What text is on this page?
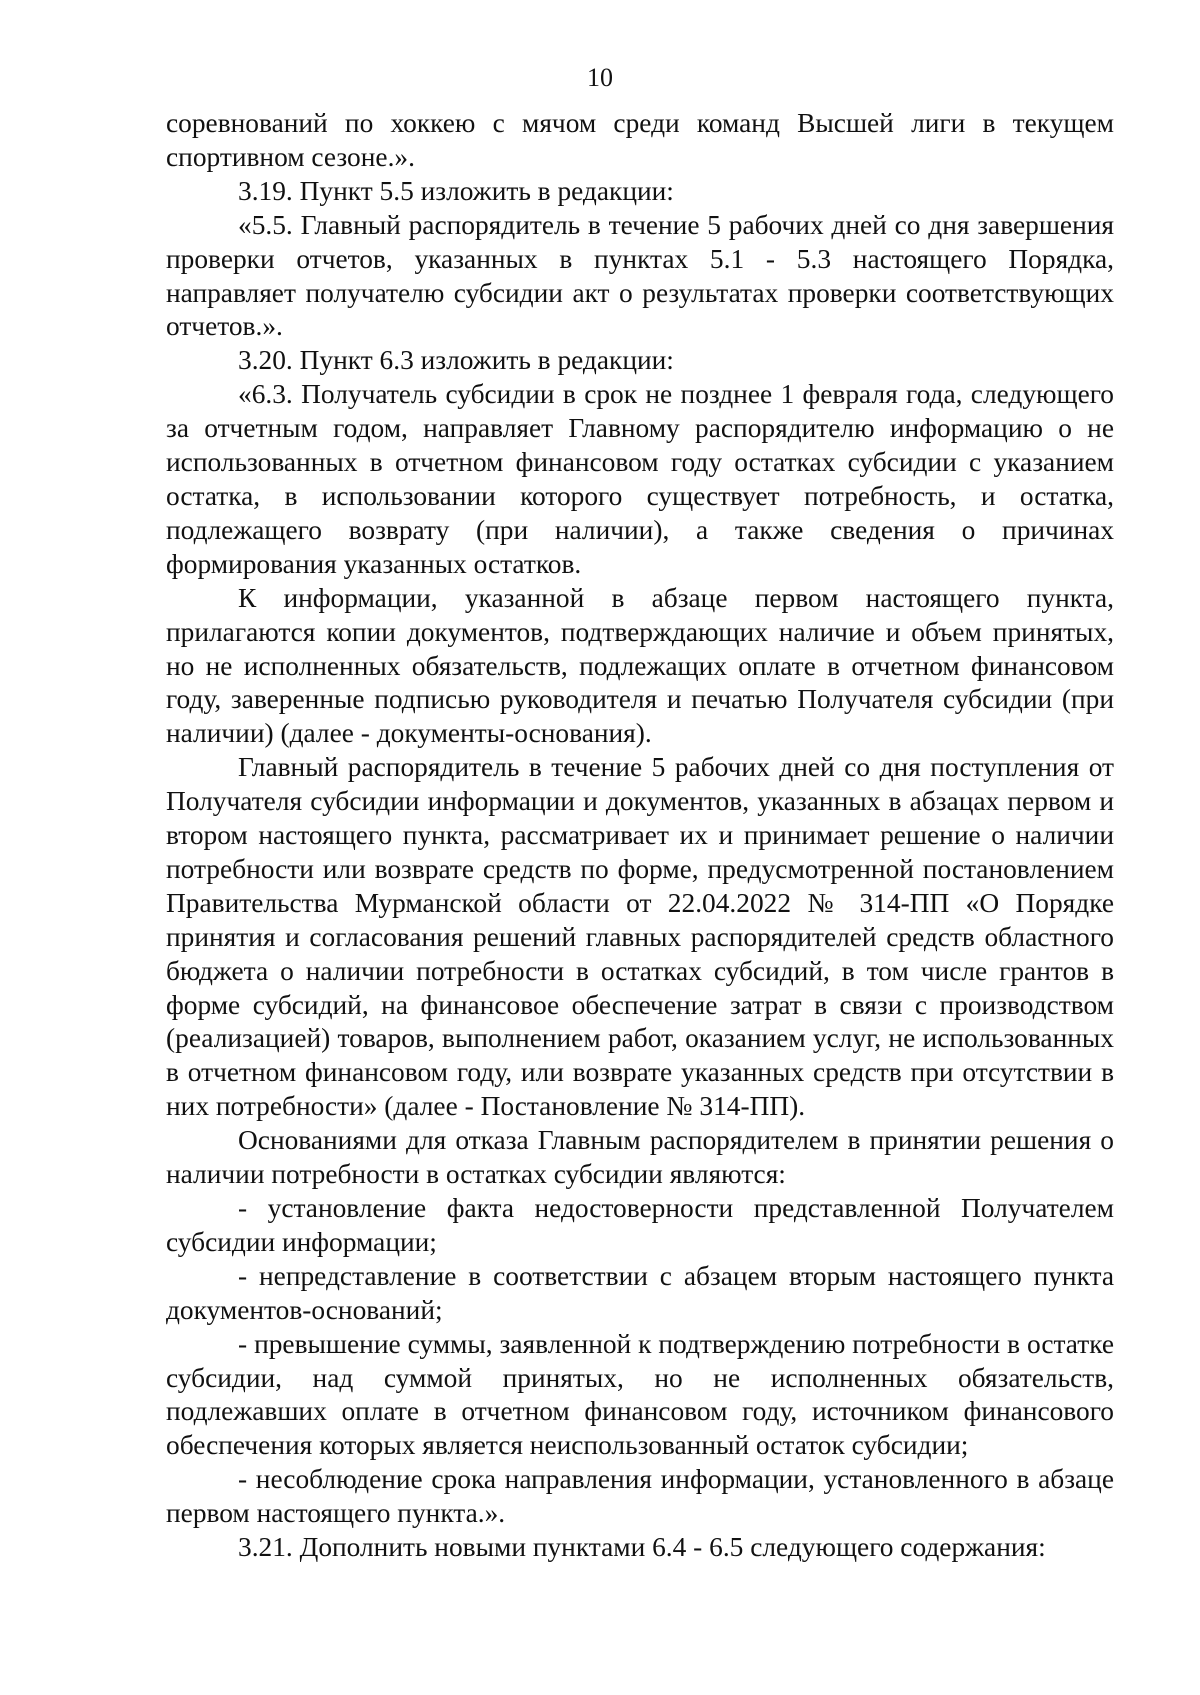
10

соревнований по хоккею с мячом среди команд Высшей лиги в текущем спортивном сезоне.».

3.19. Пункт 5.5 изложить в редакции:

«5.5. Главный распорядитель в течение 5 рабочих дней со дня завершения проверки отчетов, указанных в пунктах 5.1 - 5.3 настоящего Порядка, направляет получателю субсидии акт о результатах проверки соответствующих отчетов.».

3.20. Пункт 6.3 изложить в редакции:

«6.3. Получатель субсидии в срок не позднее 1 февраля года, следующего за отчетным годом, направляет Главному распорядителю информацию о не использованных в отчетном финансовом году остатках субсидии с указанием остатка, в использовании которого существует потребность, и остатка, подлежащего возврату (при наличии), а также сведения о причинах формирования указанных остатков.

К информации, указанной в абзаце первом настоящего пункта, прилагаются копии документов, подтверждающих наличие и объем принятых, но не исполненных обязательств, подлежащих оплате в отчетном финансовом году, заверенные подписью руководителя и печатью Получателя субсидии (при наличии) (далее - документы-основания).

Главный распорядитель в течение 5 рабочих дней со дня поступления от Получателя субсидии информации и документов, указанных в абзацах первом и втором настоящего пункта, рассматривает их и принимает решение о наличии потребности или возврате средств по форме, предусмотренной постановлением Правительства Мурманской области от 22.04.2022 № 314-ПП «О Порядке принятия и согласования решений главных распорядителей средств областного бюджета о наличии потребности в остатках субсидий, в том числе грантов в форме субсидий, на финансовое обеспечение затрат в связи с производством (реализацией) товаров, выполнением работ, оказанием услуг, не использованных в отчетном финансовом году, или возврате указанных средств при отсутствии в них потребности» (далее - Постановление № 314-ПП).

Основаниями для отказа Главным распорядителем в принятии решения о наличии потребности в остатках субсидии являются:

- установление факта недостоверности представленной Получателем субсидии информации;

- непредставление в соответствии с абзацем вторым настоящего пункта документов-оснований;

- превышение суммы, заявленной к подтверждению потребности в остатке субсидии, над суммой принятых, но не исполненных обязательств, подлежавших оплате в отчетном финансовом году, источником финансового обеспечения которых является неиспользованный остаток субсидии;

- несоблюдение срока направления информации, установленного в абзаце первом настоящего пункта.».

3.21. Дополнить новыми пунктами 6.4 - 6.5 следующего содержания:
